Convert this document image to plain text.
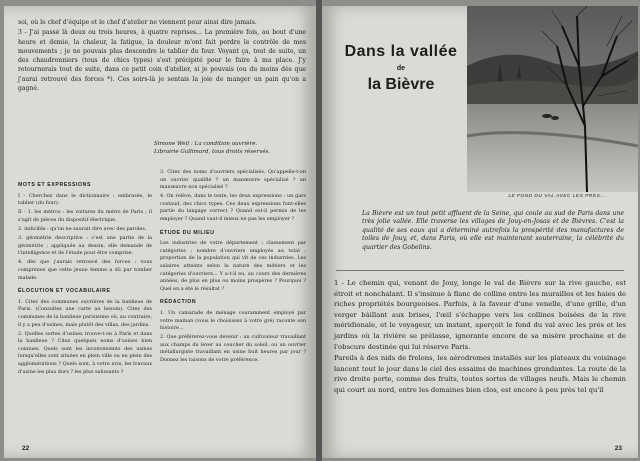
soi, où le chef d'équipe et le chef d'atelier ne viennent pour ainsi dire jamais.

3 - J'ai passé là deux ou trois heures, à quatre reprises... La première fois, au bout d'une heure et demie, la chaleur, la fatigue, la douleur m'ont fait perdre le contrôle de mes mouvements ; je ne pouvais plus descendre le tablier du four. Voyant ça, tout de suite, un des chaudronniers (tous de chics types) s'est précipité pour le faire à ma place. J'y retournerais tout de suite, dans ce petit coin d'atelier, si je pouvais (ou du moins dès que j'aurai retrouvé des forces *). Ces soirs-là je sentais la joie de manger un pain qu'on a gagné.

Simone Weil : La condition ouvrière.
Librairie Gallimard, tous droits réservés.
MOTS ET EXPRESSIONS

I - Cherchez dans le dictionnaire : embrasée, le tablier (du four).

II - 1. les métros : les voitures du métro de Paris ; il s'agit de pièces du dispositif électrique.

2. indicible : qu'on ne saurait dire avec des paroles.

3. géométrie descriptive : c'est une partie de la géométrie ; appliquée au dessin, elle demande de l'intelligence et de l'étude pour être comprise.

4. dès que j'aurais retrouvé des forces : vous comprenez que cette jeune femme a dû par tomber malade.

ÉLOCUTION ET VOCABULAIRE

1. Citez des communes ouvrières de la banlieue de Paris. (Consultez une carte au besoin). Citez des communes de la banlieue parisienne où, au contraire, il y a peu d'usines, mais plutôt des villas, des jardins.

2. Quelles sortes d'usines trouve-t-on à Paris et dans la banlieue ? Citez quelques noms d'usines bien connues. Quels sont les inconvénients des usines lorsqu'elles sont situées en plein ville ou en plein des agglomérations ? Quels sont, à votre avis, les travaux d'usine les plus durs ? les plus salissants ?

3. Citez des noms d'ouvriers spécialisés. Qu'appelle-t-on un ouvrier qualifié ? un manœuvre spécialisé ? un manœuvre non spécialisé ?

4. On relève, dans le texte, les deux expressions : un gars costaud, des chics types. Ces deux expressions font-elles partie du langage correct ? Quand est-il permis de les employer ? Quand vaut-il mieux ne pas les employer ?

ÉTUDE DU MILIEU

Les industries de votre département : classement par catégories ; nombre d'ouvriers employés au total ; proportion de la population qui vit de ces industries. Les salaires atteints selon la nature des métiers et les catégories d'ouvriers... Y a-t-il eu, au cours des dernières années, de plus en plus ou moins prospères ? Pourquoi ? Quel en a été le résultat ?

RÉDACTION

1. Un camarade de ménage couramment employé par votre maman (vous le choisissez à votre gré) raconte son histoire...

2. Que préférerez-vous devenir : un cultivateur travaillant aux champs du lever au coucher du soleil, ou un ouvrier métallurgiste travaillant en usine huit heures par jour ? Donnez les raisons de votre préférence.

22
Dans la vallée
de
la Bièvre
LE FOND DU VAL AVEC LES PRÉS...
La Bièvre est un tout petit affluent de la Seine, qui coule au sud de Paris dans une très jolie vallée. Elle traverse les villages de Jouy-en-Josas et de Bièvres. C'est la qualité de ses eaux qui a déterminé autrefois la prospérité des manufactures de toiles de Jouy, et, dans Paris, où elle est maintenant souterraine, la célébrité du quartier des Gobelins.

1 - Le chemin qui, venant de Jouy, longe le val de Bièvre sur la rive gauche, est étroit et nonchalant. Il s'insinue à flanc de colline entre les murailles et les haies de riches propriétés bourgeoises. Parfois, à la faveur d'une venelle, d'une grille, d'un verger bâillant aux brises, l'œil s'échappe vers les collines boisées de la rive méridionale, et le voyageur, un instant, aperçoit le fond du val avec les prés et les jardins où la rivière se prélasse, ignorante encore de sa misère prochaine et de l'obscure destinée qui lui réserve Paris.

Pareils à des nids de frelons, les aérodromes installés sur les plateaux du voisinage lancent tout le jour dans le ciel des essaims de machines grondantes. La route de la rive droite porte, comme des fruits, toutes sortes de villages neufs. Mais le chemin qui court au nord, entre les domaines bien clos, est encore à peu près tel qu'il

23
